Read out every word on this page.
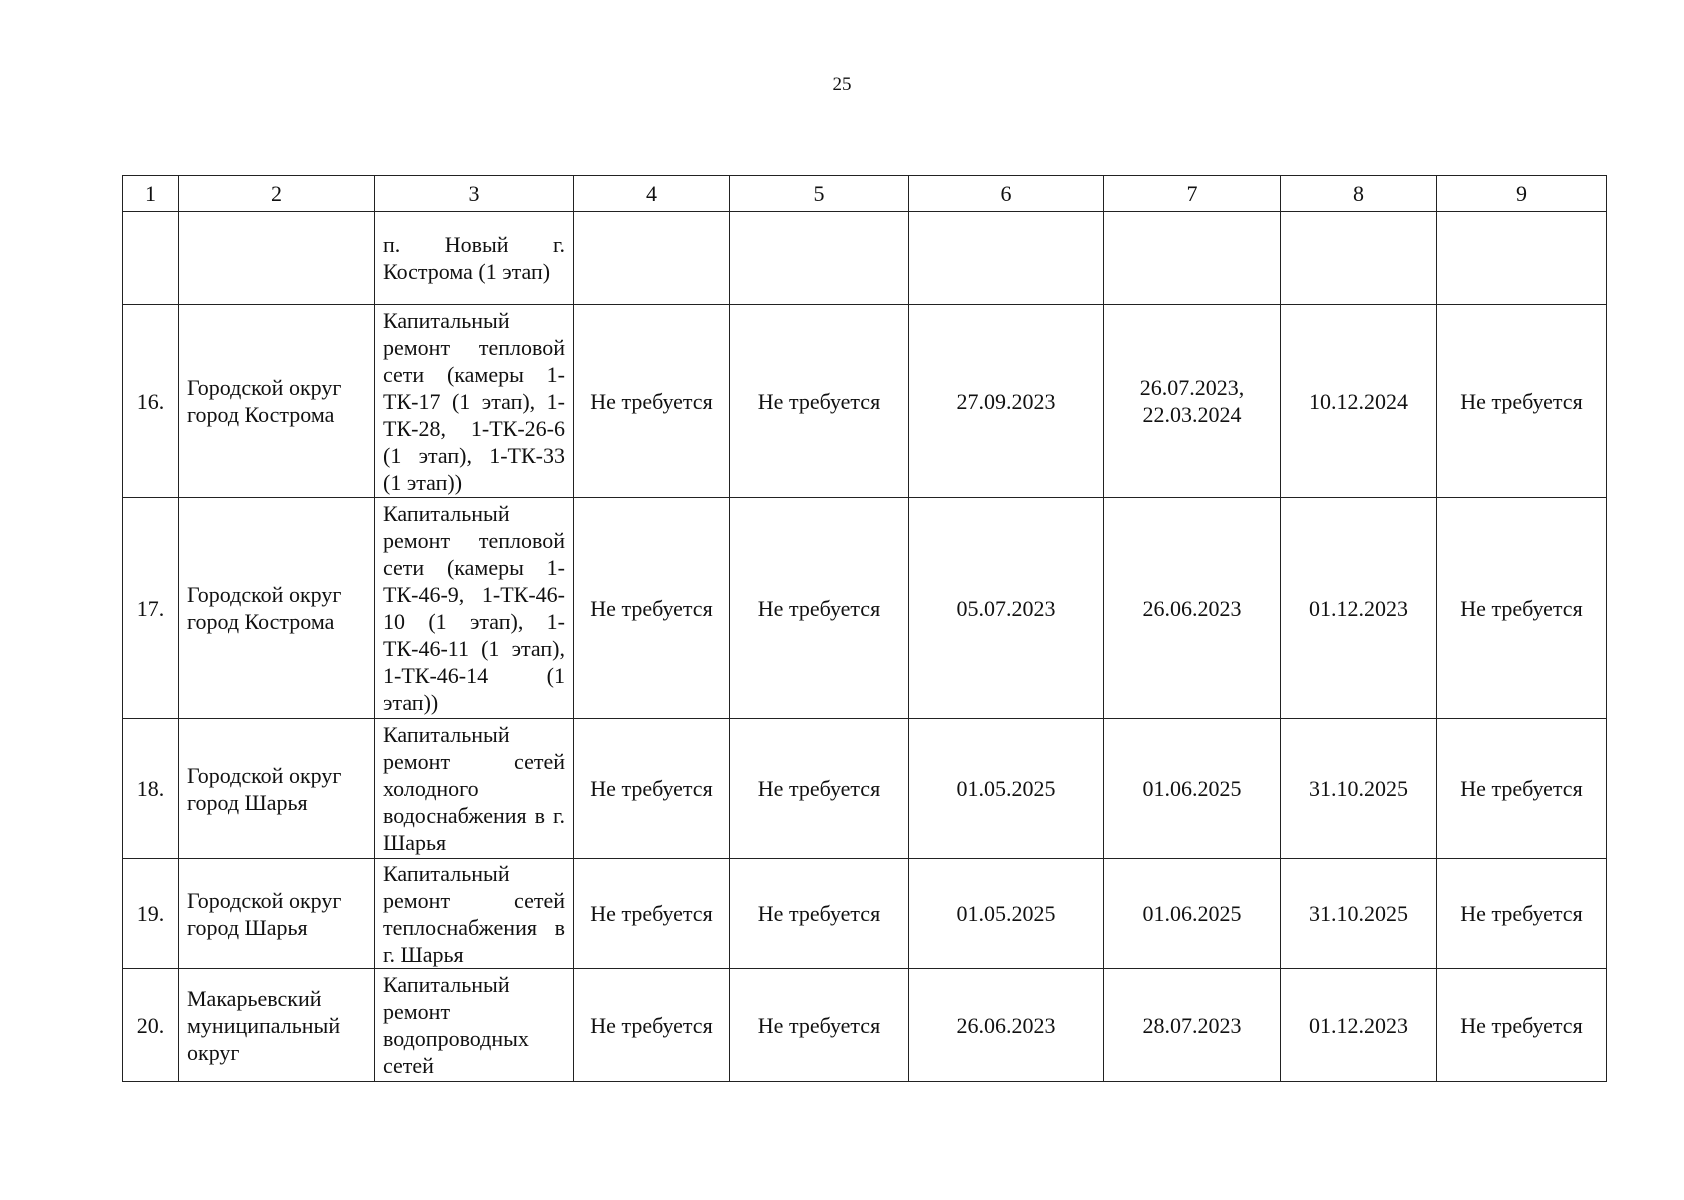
25
1	2	3	4	5	6	7	8	9
		п. Новый г. Кострома (1 этап)						
16.	Городской округ город Кострома	Капитальный ремонт тепловой сети (камеры 1-ТК-17 (1 этап), 1-ТК-28, 1-ТК-26-6 (1 этап), 1-ТК-33 (1 этап))	Не требуется	Не требуется	27.09.2023	26.07.2023, 22.03.2024	10.12.2024	Не требуется
17.	Городской округ город Кострома	Капитальный ремонт тепловой сети (камеры 1-ТК-46-9, 1-ТК-46-10 (1 этап), 1-ТК-46-11 (1 этап), 1-ТК-46-14 (1 этап))	Не требуется	Не требуется	05.07.2023	26.06.2023	01.12.2023	Не требуется
18.	Городской округ город Шарья	Капитальный ремонт сетей холодного водоснабжения в г. Шарья	Не требуется	Не требуется	01.05.2025	01.06.2025	31.10.2025	Не требуется
19.	Городской округ город Шарья	Капитальный ремонт сетей теплоснабжения в г. Шарья	Не требуется	Не требуется	01.05.2025	01.06.2025	31.10.2025	Не требуется
20.	Макарьевский муниципальный округ	Капитальный ремонт водопроводных сетей	Не требуется	Не требуется	26.06.2023	28.07.2023	01.12.2023	Не требуется
